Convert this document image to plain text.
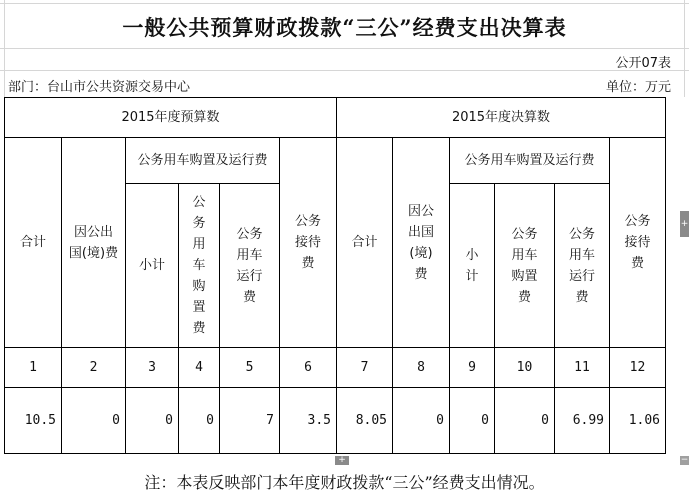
一般公共预算财政拨款“三公”经费支出决算表
公开07表
部门：台山市公共资源交易中心	单位：万元
2015年度预算数						2015年度决算数					
合计	因公出国(境)费	公务用车购置及运行费			公务接待费	合计	因公出国(境)费	公务用车购置及运行费			公务接待费
		小计	公务用车购置费	公务用车运行费				小计	公务用车购置费	公务用车运行费	
1	2	3	4	5	6	7	8	9	10	11	12
10.5	0	0	0	7	3.5	8.05	0	0	0	6.99	1.06
注：本表反映部门本年度财政拨款“三公”经费支出情况。
+
+	−
